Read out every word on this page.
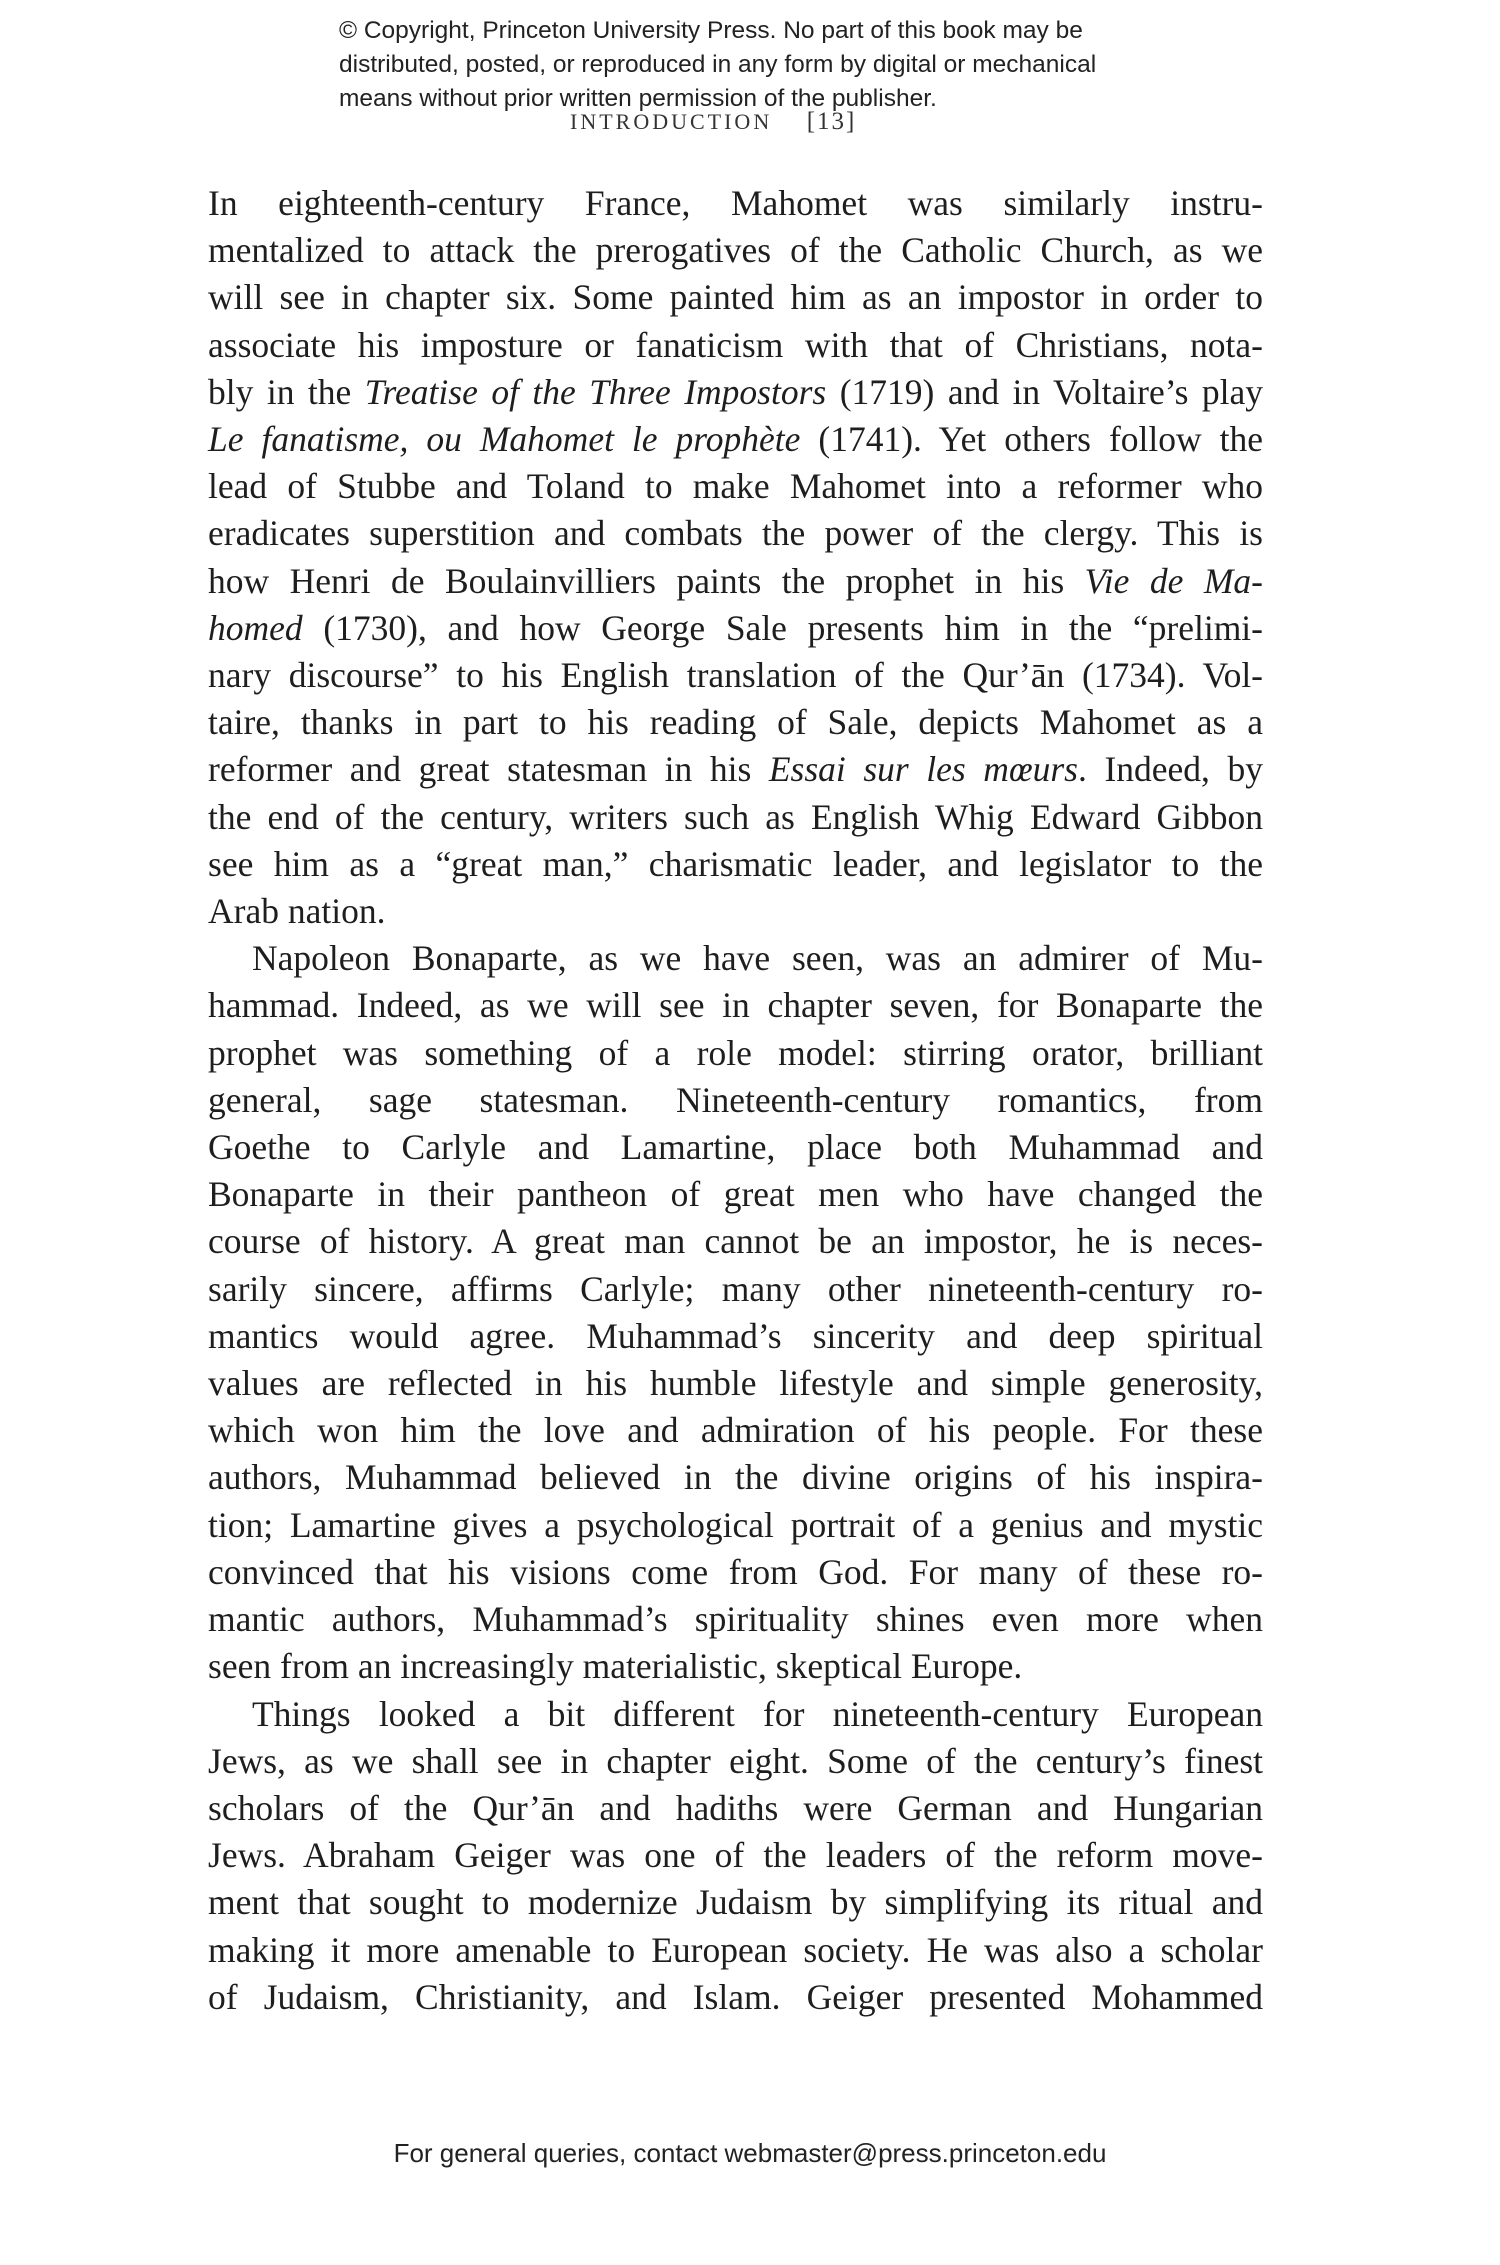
© Copyright, Princeton University Press. No part of this book may be
distributed, posted, or reproduced in any form by digital or mechanical
means without prior written permission of the publisher.
INTRODUCTION [13]

In eighteenth-century France, Mahomet was similarly instru-
mentalized to attack the prerogatives of the Catholic Church, as we
will see in chapter six. Some painted him as an impostor in order to
associate his imposture or fanaticism with that of Christians, nota-
bly in the Treatise of the Three Impostors (1719) and in Voltaire’s play
Le fanatisme, ou Mahomet le prophète (1741). Yet others follow the
lead of Stubbe and Toland to make Mahomet into a reformer who
eradicates superstition and combats the power of the clergy. This is
how Henri de Boulainvilliers paints the prophet in his Vie de Ma-
homed (1730), and how George Sale presents him in the “prelimi-
nary discourse” to his English translation of the Qur’ān (1734). Vol-
taire, thanks in part to his reading of Sale, depicts Mahomet as a
reformer and great statesman in his Essai sur les mœurs. Indeed, by
the end of the century, writers such as English Whig Edward Gibbon
see him as a “great man,” charismatic leader, and legislator to the
Arab nation.

Napoleon Bonaparte, as we have seen, was an admirer of Mu-
hammad. Indeed, as we will see in chapter seven, for Bonaparte the
prophet was something of a role model: stirring orator, brilliant
general, sage statesman. Nineteenth-century romantics, from
Goethe to Carlyle and Lamartine, place both Muhammad and
Bonaparte in their pantheon of great men who have changed the
course of history. A great man cannot be an impostor, he is neces-
sarily sincere, affirms Carlyle; many other nineteenth-century ro-
mantics would agree. Muhammad’s sincerity and deep spiritual
values are reflected in his humble lifestyle and simple generosity,
which won him the love and admiration of his people. For these
authors, Muhammad believed in the divine origins of his inspira-
tion; Lamartine gives a psychological portrait of a genius and mystic
convinced that his visions come from God. For many of these ro-
mantic authors, Muhammad’s spirituality shines even more when
seen from an increasingly materialistic, skeptical Europe.

Things looked a bit different for nineteenth-century European
Jews, as we shall see in chapter eight. Some of the century’s finest
scholars of the Qur’ān and hadiths were German and Hungarian
Jews. Abraham Geiger was one of the leaders of the reform move-
ment that sought to modernize Judaism by simplifying its ritual and
making it more amenable to European society. He was also a scholar
of Judaism, Christianity, and Islam. Geiger presented Mohammed

For general queries, contact webmaster@press.princeton.edu
